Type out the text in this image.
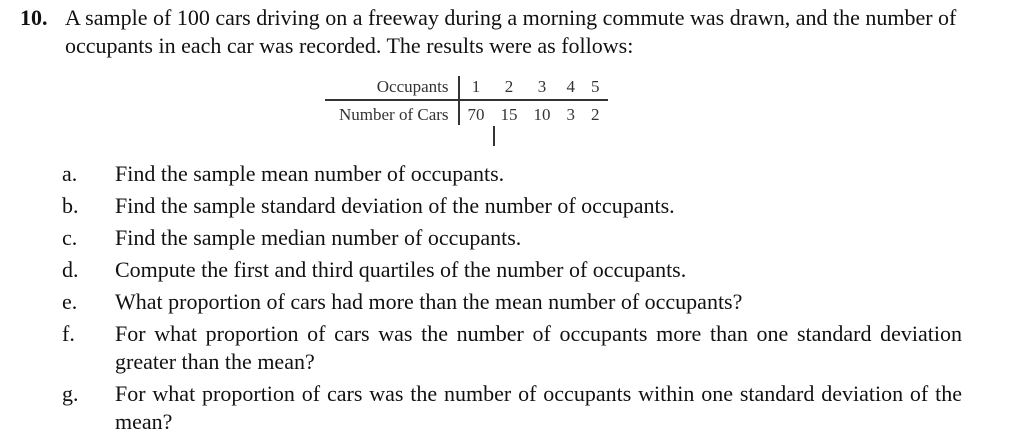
10. A sample of 100 cars driving on a freeway during a morning commute was drawn, and the number of occupants in each car was recorded. The results were as follows:
Occupants	1	2	3	4	5
Number of Cars	70	15	10	3	2
a. Find the sample mean number of occupants.
b. Find the sample standard deviation of the number of occupants.
c. Find the sample median number of occupants.
d. Compute the first and third quartiles of the number of occupants.
e. What proportion of cars had more than the mean number of occupants?
f. For what proportion of cars was the number of occupants more than one standard deviation greater than the mean?
g. For what proportion of cars was the number of occupants within one standard deviation of the mean?
